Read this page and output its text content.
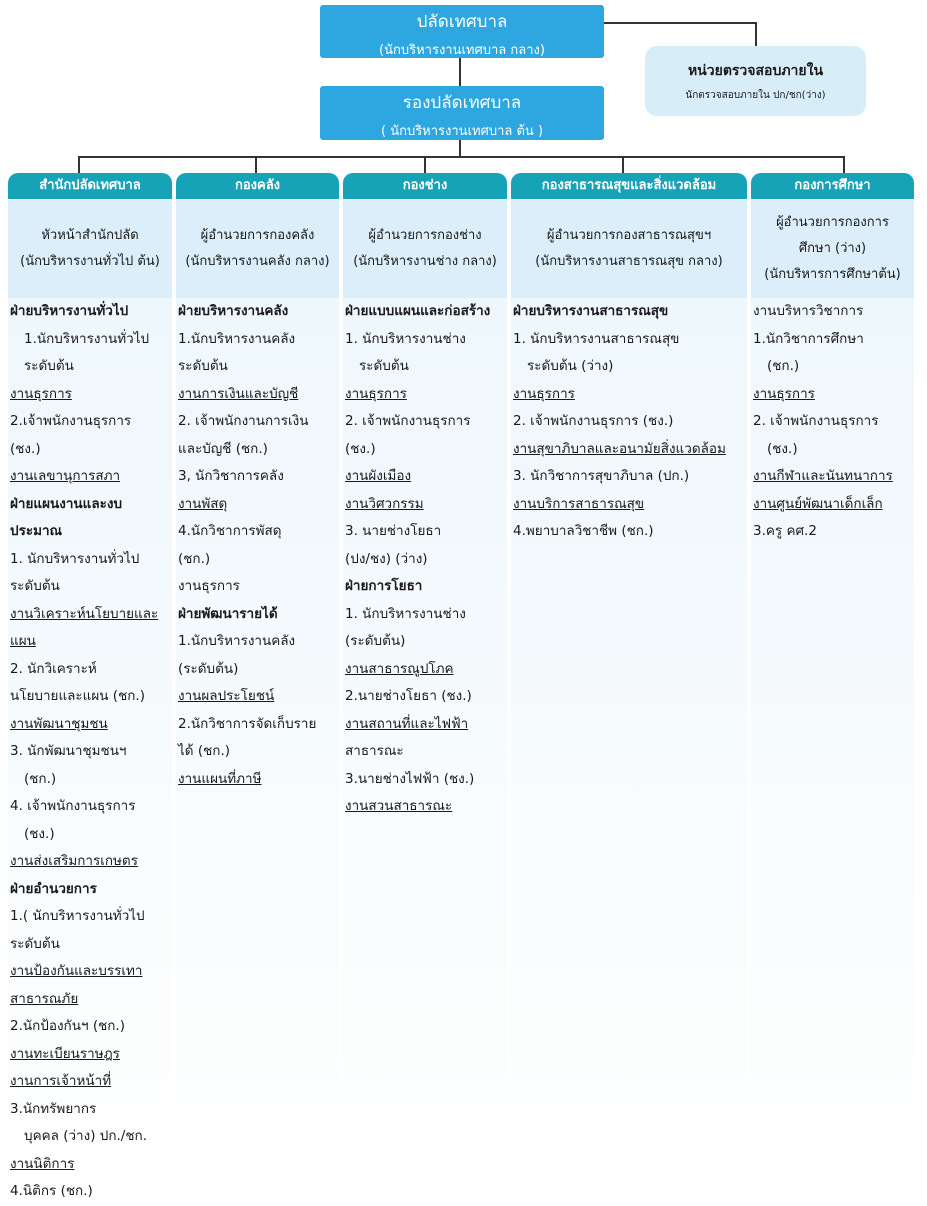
ปลัดเทศบาล
(นักบริหารงานเทศบาล กลาง)
รองปลัดเทศบาล
( นักบริหารงานเทศบาล ต้น )
หน่วยตรวจสอบภายใน
นักตรวจสอบภายใน ปก/ชก(ว่าง)
สำนักปลัดเทศบาล
หัวหน้าสำนักปลัด
(นักบริหารงานทั่วไป ต้น)
ฝ่ายบริหารงานทั่วไป
1.นักบริหารงานทั่วไป
ระดับต้น
งานธุรการ
2.เจ้าพนักงานธุรการ
(ชง.)
งานเลขานุการสภา
ฝ่ายแผนงานและงบ
ประมาณ
1. นักบริหารงานทั่วไป
ระดับต้น
งานวิเคราะห์นโยบายและ
แผน
2. นักวิเคราะห์
นโยบายและแผน (ชก.)
งานพัฒนาชุมชน
3. นักพัฒนาชุมชนฯ
(ชก.)
4. เจ้าพนักงานธุรการ
(ชง.)
งานส่งเสริมการเกษตร
ฝ่ายอำนวยการ
1.( นักบริหารงานทั่วไป
ระดับต้น
งานป้องกันและบรรเทา
สาธารณภัย
2.นักป้องกันฯ (ชก.)
งานทะเบียนราษฎร
งานการเจ้าหน้าที่
3.นักทรัพยากร
บุคคล (ว่าง) ปก./ชก.
งานนิติการ
4.นิติกร (ชก.)
กองคลัง
ผู้อำนวยการกองคลัง
(นักบริหารงานคลัง กลาง)
ฝ่ายบริหารงานคลัง
1.นักบริหารงานคลัง
ระดับต้น
งานการเงินและบัญชี
2. เจ้าพนักงานการเงิน
และบัญชี (ชก.)
3, นักวิชาการคลัง
งานพัสดุ
4.นักวิชาการพัสดุ
(ชก.)
งานธุรการ
ฝ่ายพัฒนารายได้
1.นักบริหารงานคลัง
(ระดับต้น)
งานผลประโยชน์
2.นักวิชาการจัดเก็บราย
ได้ (ชก.)
งานแผนที่ภาษี
กองช่าง
ผู้อำนวยการกองช่าง
(นักบริหารงานช่าง กลาง)
ฝ่ายแบบแผนและก่อสร้าง
1. นักบริหารงานช่าง
ระดับต้น
งานธุรการ
2. เจ้าพนักงานธุรการ
(ชง.)
งานผังเมือง
งานวิศวกรรม
3. นายช่างโยธา
(ปง/ชง) (ว่าง)
ฝ่ายการโยธา
1. นักบริหารงานช่าง
(ระดับต้น)
งานสาธารณูปโภค
2.นายช่างโยธา (ชง.)
งานสถานที่และไฟฟ้า
สาธารณะ
3.นายช่างไฟฟ้า (ชง.)
งานสวนสาธารณะ
กองสาธารณสุขและสิ่งแวดล้อม
ผู้อำนวยการกองสาธารณสุขฯ
(นักบริหารงานสาธารณสุข กลาง)
ฝ่ายบริหารงานสาธารณสุข
1. นักบริหารงานสาธารณสุข
ระดับต้น (ว่าง)
งานธุรการ
2. เจ้าพนักงานธุรการ (ชง.)
งานสุขาภิบาลและอนามัยสิ่งแวดล้อม
3. นักวิชาการสุขาภิบาล (ปก.)
งานบริการสาธารณสุข
4.พยาบาลวิชาชีพ (ชก.)
กองการศึกษา
ผู้อำนวยการกองการ
ศึกษา (ว่าง)
(นักบริหารการศึกษาต้น)
งานบริหารวิชาการ
1.นักวิชาการศึกษา
(ชก.)
งานธุรการ
2. เจ้าพนักงานธุรการ
(ชง.)
งานกีฬาและนันทนาการ
งานศูนย์พัฒนาเด็กเล็ก
3.ครู คศ.2
